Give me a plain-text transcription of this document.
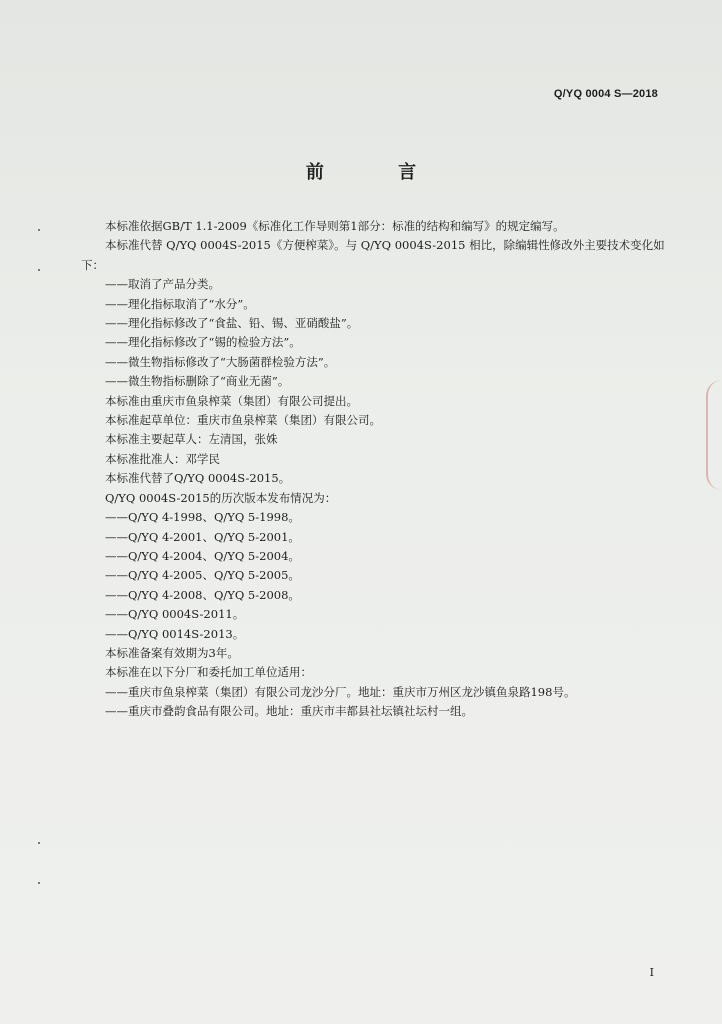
Q/YQ 0004 S—2018
前 言
本标准依据GB/T 1.1-2009《标准化工作导则第1部分：标准的结构和编写》的规定编写。
本标准代替 Q/YQ 0004S-2015《方便榨菜》。与 Q/YQ 0004S-2015 相比，除编辑性修改外主要技术变化如下：
——取消了产品分类。
——理化指标取消了“水分”。
——理化指标修改了“食盐、铅、锡、亚硝酸盐”。
——理化指标修改了“锡的检验方法”。
——微生物指标修改了“大肠菌群检验方法”。
——微生物指标删除了“商业无菌”。
本标准由重庆市鱼泉榨菜（集团）有限公司提出。
本标准起草单位：重庆市鱼泉榨菜（集团）有限公司。
本标准主要起草人：左清国，张姝
本标准批准人：邓学民
本标准代替了Q/YQ 0004S-2015。
Q/YQ 0004S-2015的历次版本发布情况为：
——Q/YQ 4-1998、Q/YQ 5-1998。
——Q/YQ 4-2001、Q/YQ 5-2001。
——Q/YQ 4-2004、Q/YQ 5-2004。
——Q/YQ 4-2005、Q/YQ 5-2005。
——Q/YQ 4-2008、Q/YQ 5-2008。
——Q/YQ 0004S-2011。
——Q/YQ 0014S-2013。
本标准备案有效期为3年。
本标准在以下分厂和委托加工单位适用：
——重庆市鱼泉榨菜（集团）有限公司龙沙分厂。地址：重庆市万州区龙沙镇鱼泉路198号。
——重庆市叠韵食品有限公司。地址：重庆市丰都县社坛镇社坛村一组。
I
